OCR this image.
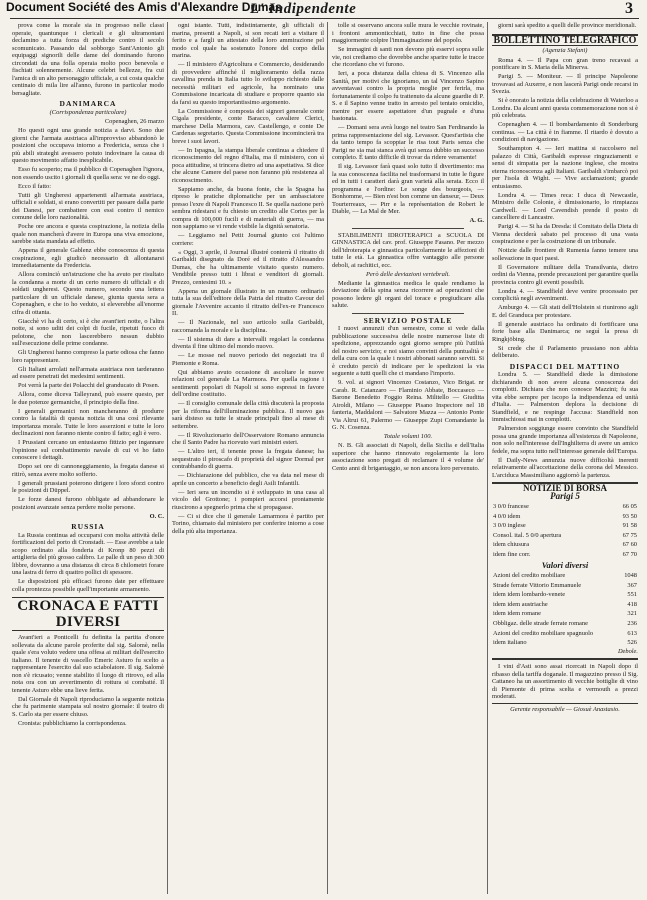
Document Société des Amis d'Alexandre Dumas
L' Indipendente	3

prova come la morale sia in progresso nelle classi operaie, quantunque i clericali e gli ultramontani declamino a tutta forza di prediche contro il secolo scomunicato. Passando dal sobborgo Sant'Antonio gli equipaggi signorili delle dame del dominando furono circondati da una folla operaia molto poco benevola e fischiati solennemente. Alcune celebri bellezze, fra cui l'amica di un alto personaggio ufficiale, a cui costa qualche centinaio di mila lire all'anno, furono in particolar modo bersagliate.

DANIMARCA
(Corrispondenza particolare)

Copenaghen, 26 marzo

Ho questi ogni una grande notizia a darvi. Sono due giorni che l'armata austriaca all'improvviso abbandonò le posizioni che occupava intorno a Fredericia, senza che i più abili strateghi avessero potuto indovinare la causa di questo movimento affatto inesplicabile.

Esso fu scoperto; ma il pubblico di Copenaghen l'ignora, non essendo uscito i giornali di quella sera: ve ne do oggi.

Ecco il fatto:

Tutti gli Ungheresi appartenenti all'armata austriaca, ufficiali e soldati, si erano convertiti per passare dalla parte dei Danesi, per combattere con essi contro il nemico comune delle loro nazionalità.

Poche ore ancora e questa cospirazione, la notizia della quale non mancherà d'avere in Europa una viva emozione, sarebbe stata mandata ad effetto.

Appena il generale Gablenz ebbe conoscenza di questa cospirazione, egli giudicò necessario di allontanarsi immediatamente da Fredericia.

Allora cominciò un'istruzione che ha avuto per risultato la condanna a morte di un certo numero di ufficiali e di soldati ungheresi. Questo numero, secondo una lettera particolare di un ufficiale danese, giunta questa sera a Copenaghen, e che io ho veduto, si eleverebbe all'enorme cifra di ottanta.

Giacchè vi ha di certo, si è che avant'ieri notte, o l'altra notte, si sono uditi dei colpi di fucile, ripetuti fuoco di pelotone, che non lascerebbero nessun dubbio sull'esecuzione delle prime condanne.

Gli Ungheresi hanno compreso la parte odiosa che fanno loro rappresentare.

Gli Italiani arrolati nell'armata austriaca non tarderanno ad essere penetrati dei medesimi sentimenti.

Poi verrà la parte dei Polacchi del granducato di Posen.

Allora, come diceva Talleyrand, può essere questo, per le due potenze germaniche, il principio della fine.

I generali germanici non mancheranno di produrre contro la fatalità di questa notizia di una così rilevante importanza morale. Tutte le loro asserzioni e tutte le loro declinazioni non faranno niente contro il fatto; egli è vero.

I Prussiani cercano un entusiasmo fittizio per ingannare l'opinione sul combattimento navale di cui vi ho fatto conoscere i dettagli.

Dopo sei ore di cannoneggiamento, la fregata danese si ritirò, senza avere molto sofferto.

I generali prussiani poterono dirigere i loro sforzi contro le posizioni di Düppel.

Le forze danesi furono obbligate ad abbandonare le posizioni avanzate senza perdere molte persone.

O. C.

RUSSIA

La Russia continua ad occuparsi con molta attività delle fortificazioni del porto di Cronstadt. — Esse avrebbe a tale scopo ordinato alla fonderia di Kronp 80 pezzi di artiglieria del più grosso calibro. Le palle di un peso di 300 libbre, dovranno a una distanza di circa 8 chilometri forare una lastra di ferro di quattro pollici di spessore.

Le disposizioni più efficaci furono date per effettuare colla prontezza possibile quell'importante armamento.

CRONACA E FATTI DIVERSI

Avant'ieri a Ponticelli fu definita la partita d'onore sollevata da alcune parole proferite dal sig. Salomè, nella quale s'era voluto vedere una offesa ai militari dell'esercito italiano. Il tenente di vascello Emeric Asturo fu scelto a rappresentare l'esercito dal suo sciabolatore. Il sig. Salomè non s'è ricusato; venne stabilito il luogo di ritrovo, ed alla nota ora con un avvertimento di rottura si combatté. Il tenente Asturo ebbe una lieve ferita.

Dal Giornale di Napoli riproduciamo la seguente notizia che fu parimente stampata sul nostro giornale: il teatro di S. Carlo sta per essere chiuso.

Cronista: pubblichiamo la corrispondenza.

ogni istante. Tutti, indistintamente, gli ufficiali di marina, presenti a Napoli, si son recati ieri a visitare il ferito e a fargli un attestato della loro ammirazione pel modo col quale ha sostenuto l'onore del corpo della marina.

— Il ministero d'Agricoltura e Commercio, desiderando di provvedere affinché il miglioramento della razza cavallina prenda in Italia tutto lo sviluppo richiesto dalle necessità militari ed agricole, ha nominato una Commissione incaricata di studiare e proporre quanto sia da farsi su questo importantissimo argomento.

La Commissione è composta dei signori generale conte Cigala presidente, conte Baracco, cavaliere Clerici, marchese Della Marmora, cav. Castellengo, e conte De Cardenas segretario. Questa Commissione incomincierà tra breve i suoi lavori.

— In Ispagna, la stampa liberale continua a chiedere il riconoscimento del regno d'Italia, ma il ministero, con sì poca attitudine, si trincera dietro ad una aspettativa. Si dice che alcune Camere del paese non faranno più resistenza al riconoscimento.

Sappiamo anche, da buona fonte, che la Spagna ha ripreso le pratiche diplomatiche per un ambasciatore presso l'exre di Napoli Francesco II. Se quella nazione però sembra ridestarsi e fu chiesto un credito alle Cortes per la compra di 100,000 fucili e di materiali di guerra, — ma non sappiamo se vi rende visibile la dignità senatoria.

— Leggiamo nel Petit Journal giunto coi l'ultimo corriere:

« Oggi, 3 aprile, il Journal illustré conterrà il ritratto di Garibaldi disegnato da Doré ed il ritratto d'Alessandro Dumas, che ha ultimamente visitato questo numero. Vendibile presso tutti i librai e venditori di giornali. Prezzo, centesimi 10. »

Appena un giornale illustrato in un numero ordinario tutta la sua dell'editore della Patria del ritratto Cavour del giornale l'Avvenire accanto il ritratto dell'ex-re Francesco II.

— Il Nazionale, nel suo articolo sulla Garibaldi, raccomanda la morale e la disciplina.

— Il sistema di dare a intervalli regolari la condanna diventa il fine ultimo del mondo nuovo.

— Le mosse nel nuovo periodo dei negoziati tra il Piemonte e Roma.

Qui abbiamo avuto occasione di ascoltare le nuove relazioni col generale La Marmora. Per quella ragione i sentimenti popolari di Napoli si sono espressi in favore dell'ordine costituito.

— Il consiglio comunale della città discuterà la proposta per la riforma dell'illuminazione pubblica. Il nuovo gas sarà disteso su tutte le strade principali fino al mese di settembre.

— Il Rivoluzionario dell'Osservatore Romano annuncia che il Santo Padre ha ricevuto vari ministri esteri.

— L'altro ieri, il tenente prese la fregata danese; ha sequestrato il piroscafo di proprietà del signor Dormal per contrabbando di guerra.

— Dichiarazione del pubblico, che va data nel mese di aprile un concerto a beneficio degli Asili Infantili.

— Ieri sera un incendio si è sviluppato in una casa al vicolo del Grottone; i pompieri accorsi prontamente riuscirono a spegnerlo prima che si propagasse.

— Ci si dice che il generale Lamarmora è partito per Torino, chiamato dal ministero per conferire intorno a cose della più alta importanza.

tolle si osservano ancora sulle mura le vecchie rovinate, i frontoni ammonticchiati, tutto in fine che possa maggiormente colpire l'immaginazione del popolo.

Se immagini di santi non devono più esservi sopra sulle vie, noi crediamo che dovrebbe anche sparire tutte le tracce che ricordano che vi furono.

Ieri, a poca distanza dalla chiesa di S. Vincenzo alla Sanità, per motivi che ignoriamo, un tal Vincenzo Sapino avventavasi contro la propria moglie per ferirla, ma fortunatamente il colpo fu trattenuto da alcune guardie di P. S. e il Sapino venne tratto in arresto pel tentato omicidio, mentre per essere aspettatore d'un pugnale e d'una bastonata.

— Domani sera avrà luogo nel teatro San Ferdinando la prima rappresentazione del sig. Levassor. Quest'artista che da tanto tempo fa scoppiar le risa tout Paris senza che Parigi ne sia mai stanca avrà qui senza dubbio un successo completo. È tanto difficile di trovar da ridere veramente!

Il sig. Levassor farà quasi solo tutto il divertimento: ma la sua conoscenza facilita nel trasformarsi in tutte le figure ed in tutti i caratteri darà gran varietà alla serata. Ecco il programma e l'ordine: Le songe des bourgeois, — Bonhomme, — Bien n'est bon comme un danseur, — Deux Tourterreaux, — Pirr e la représentation de Robert le Diable, — La Mal de Mer.

A. G.

STABILIMENTI IDROTERAPICI a SCUOLA DI GINNASTICA del cav. prof. Giuseppe Fasano. Per mezzo dell'idroterapia e ginnastica particolarmente le affezioni di tutte le età. La ginnastica offre vantaggio alle persone deboli, ai rachitici, ecc.

Però delle deviazioni vertebrali.

Mediante la ginnastica medica le quale rendiamo la deviazione della spina senza ricorrere ad operazioni che possono ledere gli organi del torace e pregiudicare alla salute.

SERVIZIO POSTALE

I nuovi annunzii d'un semestre, come si vede dalla pubblicazione successiva delle nostre numerose liste di spedizione, apprezzando ogni giorno sempre più l'utilità del nostro servizio; e noi siamo convinti della puntualità e della cura con la quale i nostri abbonati saranno serviti. Si è creduto perciò di indicare per le spedizioni la via seguente a tutti quelli che ci mandano l'importo.

9. vol. ai signori Vincenzo Costanzo, Vico Brigat. nr Carab. R. Catanzaro — Flaminio Abbate, Boccaseco — Barone Benedetto Foggio Reina. Militello — Giuditta Airoldi, Milano — Giuseppe Pisano Inspectore nel 18 fanteria, Maddaloni — Salvatore Mazza — Antonio Ponte Via Altrui 61, Palermo — Giuseppe Zupi Comandante la G. N. Cosenza.

Totale volumi 100.

N. B. Gli associati di Napoli, della Sicilia e dell'Italia superiore che hanno rinnovato regolarmente la loro associazione sono pregati di reclamare il 4 volume de' Cento anni di brigantaggio, se non ancora loro pervenuto.

giorni sarà spedito a quelli delle province meridionali.

BOLLETTINO TELEGRAFICO
(Agenzia Stefani)

Roma 4. — Il Papa con gran treno recavasi a pontificare in S. Maria della Minerva.

Parigi 5. — Moniteur. — Il principe Napoleone trovavasi ad Auxerre, e non lascerà Parigi onde recarsi in Svezia.

Si è onorato la notizia della celebrazione di Waterloo a Londra. Da alcuni anni questa commemorazione non si è più celebrata.

Copenaghen 4. — Il bombardamento di Sonderburg continua. — La città è in fiamme. Il ritardo è dovuto a condizioni di navigazione.

Southampton 4. — Ieri mattina si raccolsero nel palazzo di Città, Garibaldi espresse ringraziamenti e sensi di simpatia per la nazione inglese, che mostra eterna riconoscenza agli Italiani. Garibaldi s'imbarcò poi per l'isola di Wight. — Vive acclamazioni; grande entusiasmo.

Londra 4. — Times reca: I duca di Newcastle, Ministro delle Colonie, è dimissionario, lo rimpiazza Cardwell. — Lord Cavendish prende il posto di cancelliere di Lancastre.

Parigi 4. — Si ha da Dresda: il Comitato della Dieta di Vienna deciderà sabato pel processo di una vasta cospirazione e per la costruzione di un tribunale.

Notizie dalle frontiere di Rumenia fanno temere una sollevazione in quei paesi.

Il Governatore militare della Transilvania, dietro ordini da Vienna, prende precauzioni per garantire quella provincia contro gli eventi possibili.

Londra 4. — Standfield deve venire processato per complicità negli avvenimenti.

Amburgo 4. — Gli stati dell'Holstein si riunirono agli E. del Granduca per protestare.

Il generale austriaco ha ordinato di fortificare una forte base alla Danimarca; ne seguì la presa di Ringkjöbing.

Si crede che il Parlamento prussiano non abbia deliberato.

DISPACCI DEL MATTINO

Londra 5. — Standfield diede la dimissione dichiarando di non avere alcuna conoscenza dei complotti. Dichiara che non conosce Mazzini; fu sua vita ebbe sempre per iscopo la indipendenza ed unità d'Italia. — Palmerston deplora la decisione di Standfield, e ne respinge l'accusa: Standfield non immischiossi mai in complotti.

Palmerston soggiunge essere convinto che Standfield possa una grande importanza all'esistenza di Napoleone, non solo nell'interesse dell'Inghilterra di avere un amico fedele, ma sopra tutto nell'interesse generale dell'Europa.

Il Daily-News annunzia nuove difficoltà inerenti relativamente all'accettazione della corona del Messico. L'arciduca Massimiliano aggiornò la partenza.

NOTIZIE DI BORSA
Parigi 5
3 0/0 francese	66 05
4 0/0 idem	93 50
3 0/0 inglese	91 58
Consol. ital. 5 0/0 apertura	67 75
idem chiusura	67 60
idem fine corr.	67 70
Valori diversi
Azioni del credito mobiliare	1048
Strade ferrate Vittorio Emmanuele	367
idem idem lombardo-venete	551
idem idem austriache	418
idem idem romane	321
Obbligaz. delle strade ferrate romane	236
Azioni del credito mobiliare spagnuolo	613
idem italiano	526

Debole.

I vini d'Asti sono assai ricercati in Napoli dopo il ribasso della tariffa doganale. Il magazzino presso il Sig. Cattaneo ha un assortimento di vecchie bottiglie di vino di Piemonte di prima scelta e vermouth a prezzi moderati.

Gerente responsabile — Giosuè Anastasio.
